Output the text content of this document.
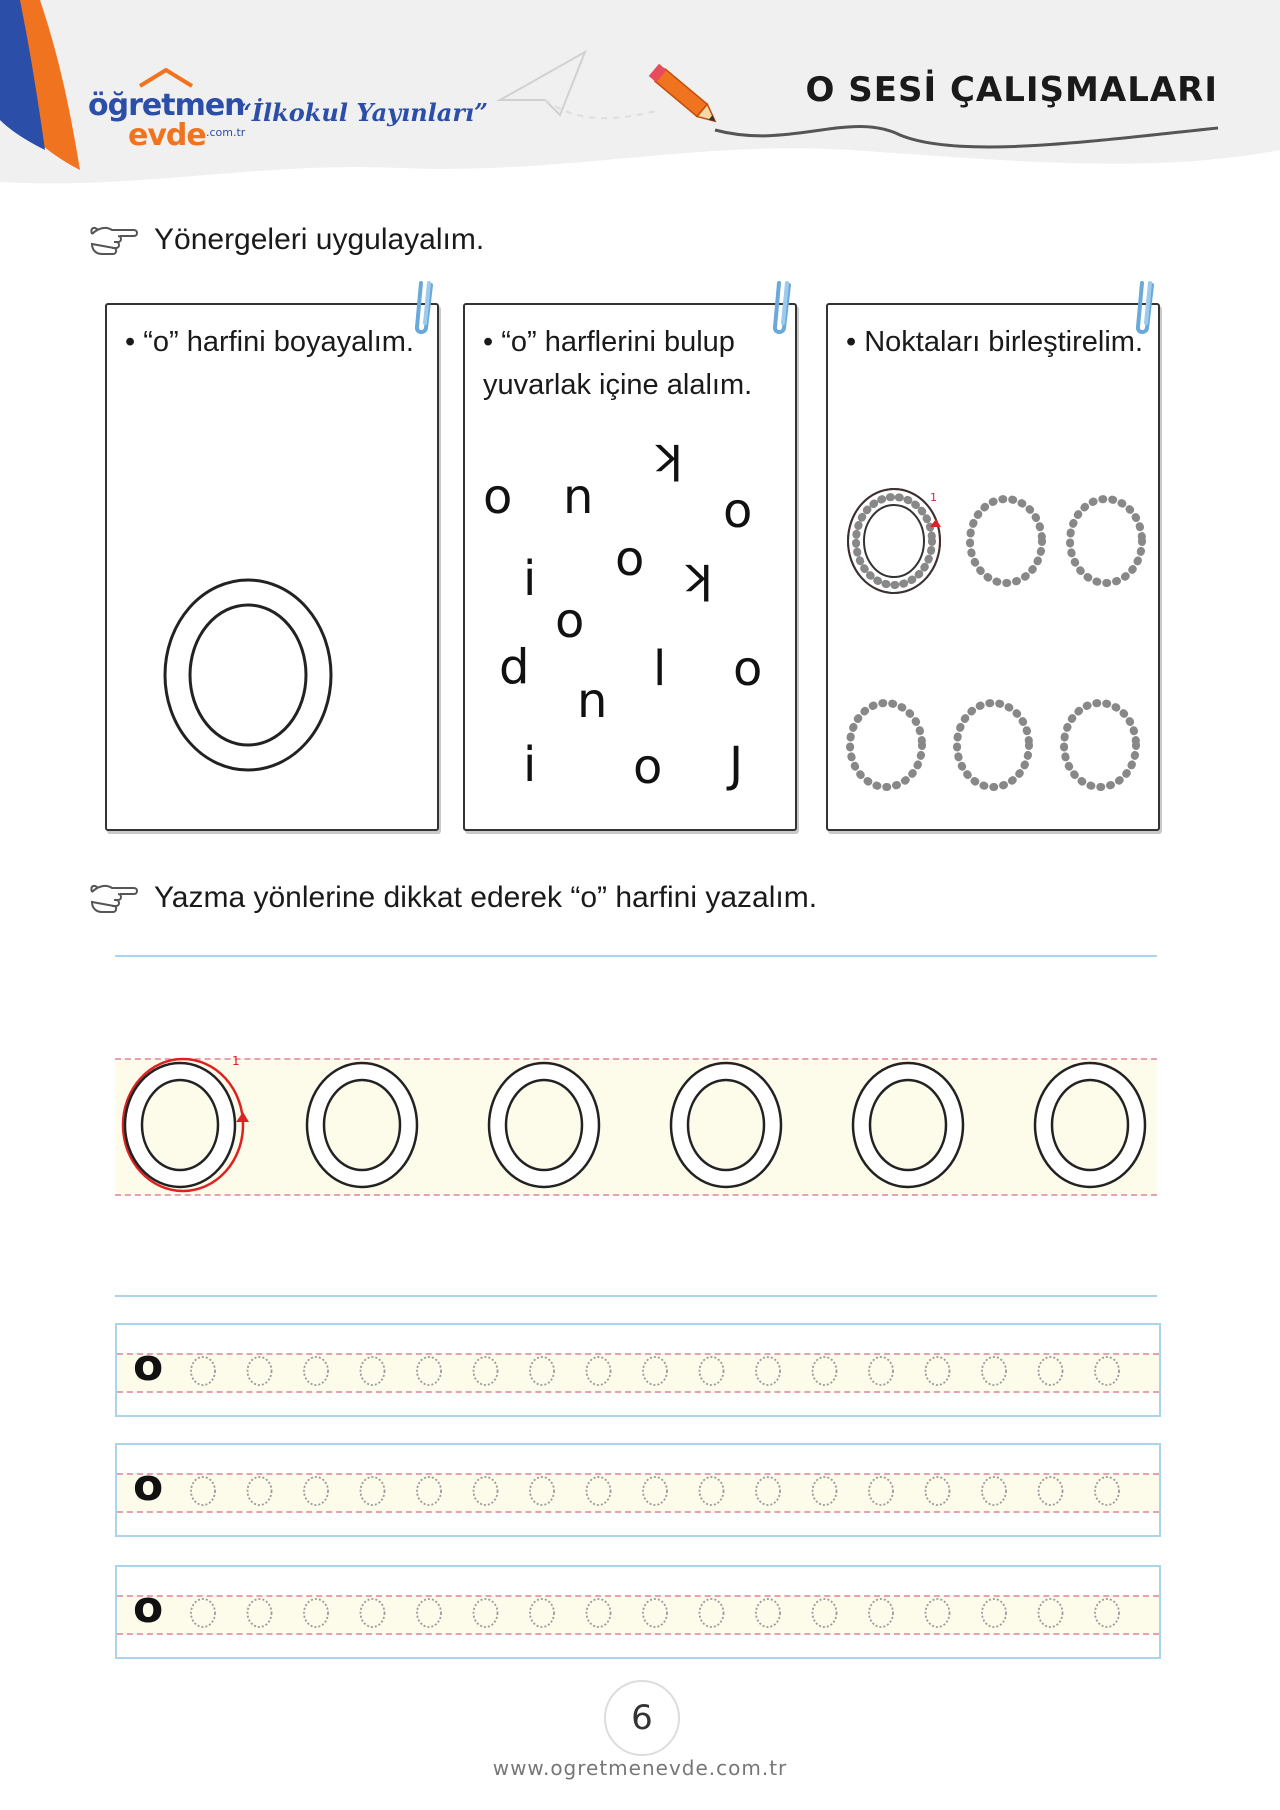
öğretmen
evde .com.tr
“İlkokul Yayınları”
O SESİ ÇALIŞMALARI
Yönergeleri uygulayalım.
• “o” harfini boyayalım.	• “o” harflerini bulup yuvarlak içine alalım.
o n
k
o
o
i	k
o
p n
l o
i o J
• Noktaları birleştirelim.
1
Yazma yönlerine dikkat ederek “o” harfini yazalım.
1
o
o
o
6
www.ogretmenevde.com.tr
